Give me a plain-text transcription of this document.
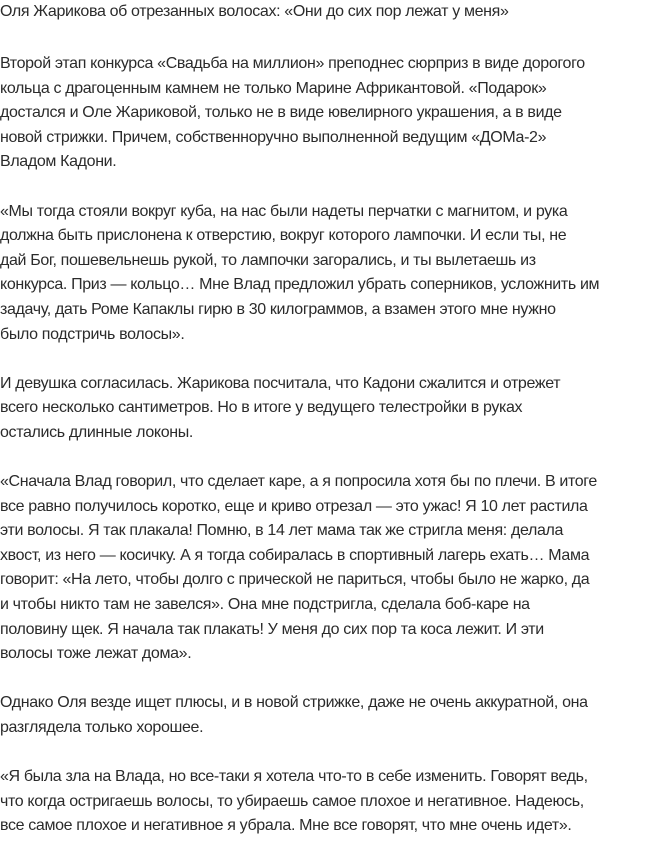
Оля Жарикова об отрезанных волосах: «Они до сих пор лежат у меня»
Второй этап конкурса «Свадьба на миллион» преподнес сюрприз в виде дорогого
кольца с драгоценным камнем не только Марине Африкантовой. «Подарок»
достался и Оле Жариковой, только не в виде ювелирного украшения, а в виде
новой стрижки. Причем, собственноручно выполненной ведущим «ДОМа-2»
Владом Кадони.
«Мы тогда стояли вокруг куба, на нас были надеты перчатки с магнитом, и рука
должна быть прислонена к отверстию, вокруг которого лампочки. И если ты, не
дай Бог, пошевельнешь рукой, то лампочки загорались, и ты вылетаешь из
конкурса. Приз — кольцо… Мне Влад предложил убрать соперников, усложнить им
задачу, дать Роме Капаклы гирю в 30 килограммов, а взамен этого мне нужно
было подстричь волосы».
И девушка согласилась. Жарикова посчитала, что Кадони сжалится и отрежет
всего несколько сантиметров. Но в итоге у ведущего телестройки в руках
остались длинные локоны.
«Сначала Влад говорил, что сделает каре, а я попросила хотя бы по плечи. В итоге
все равно получилось коротко, еще и криво отрезал — это ужас! Я 10 лет растила
эти волосы. Я так плакала! Помню, в 14 лет мама так же стригла меня: делала
хвост, из него — косичку. А я тогда собиралась в спортивный лагерь ехать… Мама
говорит: «На лето, чтобы долго с прической не париться, чтобы было не жарко, да
и чтобы никто там не завелся». Она мне подстригла, сделала боб-каре на
половину щек. Я начала так плакать! У меня до сих пор та коса лежит. И эти
волосы тоже лежат дома».
Однако Оля везде ищет плюсы, и в новой стрижке, даже не очень аккуратной, она
разглядела только хорошее.
«Я была зла на Влада, но все-таки я хотела что-то в себе изменить. Говорят ведь,
что когда остригаешь волосы, то убираешь самое плохое и негативное. Надеюсь,
все самое плохое и негативное я убрала. Мне все говорят, что мне очень идет».
